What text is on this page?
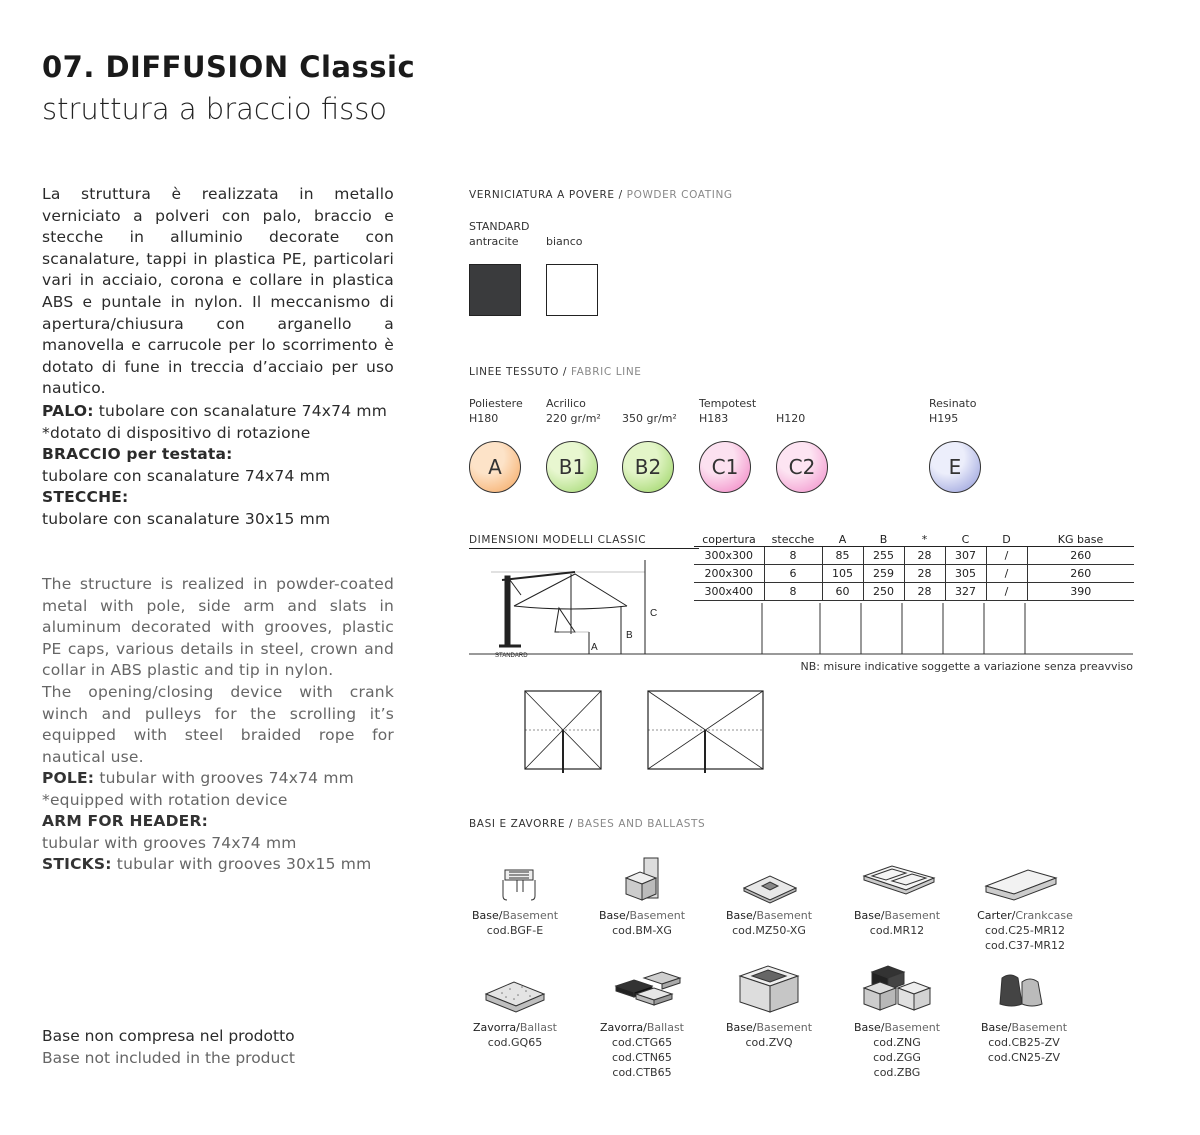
07. DIFFUSION Classic
struttura a braccio fisso
La struttura è realizzata in metallo verniciato a polveri con palo, braccio e stecche in alluminio decorate con scanalature, tappi in plastica PE, particolari vari in acciaio, corona e collare in plastica ABS e puntale in nylon. Il meccanismo di apertura/chiusura con arganello a manovella e carrucole per lo scorrimento è dotato di fune in treccia d’acciaio per uso nautico.
PALO: tubolare con scanalature 74x74 mm
*dotato di dispositivo di rotazione
BRACCIO per testata:
tubolare con scanalature 74x74 mm
STECCHE:
tubolare con scanalature 30x15 mm
The structure is realized in powder-coated metal with pole, side arm and slats in aluminum decorated with grooves, plastic PE caps, various details in steel, crown and collar in ABS plastic and tip in nylon.
The opening/closing device with crank winch and pulleys for the scrolling it’s equipped with steel braided rope for nautical use.
POLE: tubular with grooves 74x74 mm
*equipped with rotation device
ARM FOR HEADER:
tubular with grooves 74x74 mm
STICKS: tubular with grooves 30x15 mm
Base non compresa nel prodotto
Base not included in the product
VERNICIATURA A POVERE / POWDER COATING
STANDARD
antracite	bianco
LINEE TESSUTO / FABRIC LINE
Poliestere
H180
Acrilico
220 gr/m² 350 gr/m²
Tempotest
H183	H120
Resinato
H195
A	B1	B2	C1	C2	E
DIMENSIONI MODELLI CLASSIC	copertura	stecche	A	B	*	C	D	KG base
300x300	8	85	255	28	307	/	260
200x300	6	105	259	28	305	/	260
300x400	8	60	250	28	327	/	390
STANDARD
A
B
C
NB: misure indicative soggette a variazione senza preavviso
BASI E ZAVORRE / BASES AND BALLASTS
Base/Basement
cod.BGF-E
Base/Basement
cod.BM-XG
Base/Basement
cod.MZ50-XG
Base/Basement
cod.MR12
Carter/Crankcase
cod.C25-MR12
cod.C37-MR12
Zavorra/Ballast
cod.GQ65
Zavorra/Ballast
cod.CTG65
cod.CTN65
cod.CTB65
Base/Basement
cod.ZVQ
Base/Basement
cod.ZNG
cod.ZGG
cod.ZBG
Base/Basement
cod.CB25-ZV
cod.CN25-ZV
